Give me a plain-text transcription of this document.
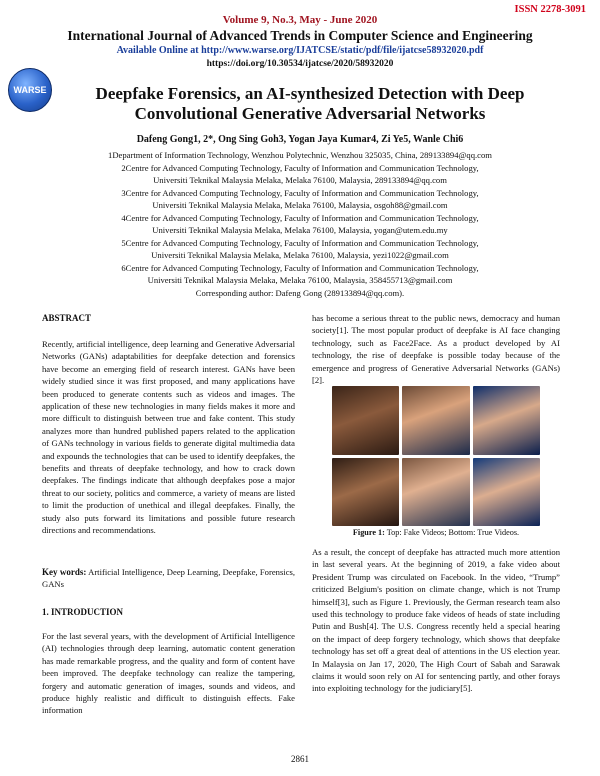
ISSN 2278-3091
Volume 9, No.3, May - June 2020
International Journal of Advanced Trends in Computer Science and Engineering
Available Online at http://www.warse.org/IJATCSE/static/pdf/file/ijatcse58932020.pdf
https://doi.org/10.30534/ijatcse/2020/58932020
WARSE	Deepfake Forensics, an AI-synthesized Detection with Deep
Convolutional Generative Adversarial Networks
Dafeng Gong1, 2*, Ong Sing Goh3, Yogan Jaya Kumar4, Zi Ye5, Wanle Chi6
1Department of Information Technology, Wenzhou Polytechnic, Wenzhou 325035, China, 289133894@qq.com
2Centre for Advanced Computing Technology, Faculty of Information and Communication Technology,
Universiti Teknikal Malaysia Melaka, Melaka 76100, Malaysia, 289133894@qq.com
3Centre for Advanced Computing Technology, Faculty of Information and Communication Technology,
Universiti Teknikal Malaysia Melaka, Melaka 76100, Malaysia, osgoh88@gmail.com
4Centre for Advanced Computing Technology, Faculty of Information and Communication Technology,
Universiti Teknikal Malaysia Melaka, Melaka 76100, Malaysia, yogan@utem.edu.my
5Centre for Advanced Computing Technology, Faculty of Information and Communication Technology,
Universiti Teknikal Malaysia Melaka, Melaka 76100, Malaysia, yezi1022@gmail.com
6Centre for Advanced Computing Technology, Faculty of Information and Communication Technology,
Universiti Teknikal Malaysia Melaka, Melaka 76100, Malaysia, 358455713@gmail.com
Corresponding author: Dafeng Gong (289133894@qq.com).
ABSTRACT

Recently, artificial intelligence, deep learning and Generative Adversarial Networks (GANs) adaptabilities for deepfake detection and forensics have become an emerging field of research interest. GANs have been widely studied since it was first proposed, and many applications have been produced to generate contents such as videos and images. The application of these new technologies in many fields makes it more and more difficult to distinguish between true and fake content. This study analyzes more than hundred published papers related to the application of GANs technology in various fields to generate digital multimedia data and expounds the technologies that can be used to identify deepfakes, the benefits and threats of deepfake technology, and how to crack down deepfakes. The findings indicate that although deepfakes pose a major threat to our society, politics and commerce, a variety of means are listed to limit the production of unethical and illegal deepfakes. Finally, the study also puts forward its limitations and possible future research directions and recommendations.

Key words: Artificial Intelligence, Deep Learning, Deepfake, Forensics, GANs
1. INTRODUCTION

For the last several years, with the development of Artificial Intelligence (AI) technologies through deep learning, automatic content generation has made remarkable progress, and the quality and form of content have been improved. The deepfake technology can realize the tampering, forgery and automatic generation of images, sounds and videos, and produce highly realistic and difficult to distinguish effects. Fake information

has become a serious threat to the public news, democracy and human society[1]. The most popular product of deepfake is AI face changing technology, such as Face2Face. As a product developed by AI technology, the rise of deepfake is possible today because of the emergence and progress of Generative Adversarial Networks (GANs)[2].

Figure 1: Top: Fake Videos; Bottom: True Videos.

As a result, the concept of deepfake has attracted much more attention in last several years. At the beginning of 2019, a fake video about President Trump was circulated on Facebook. In the video, “Trump” criticized Belgium's position on climate change, which is not Trump himself[3], such as Figure 1. Previously, the German research team also used this technology to produce fake videos of heads of state including Putin and Bush[4]. The U.S. Congress recently held a special hearing on the impact of deep forgery technology, which shows that deepfake technology has set off a great deal of attentions in the US election year. In Malaysia on Jan 17, 2020, The High Court of Sabah and Sarawak claims it would soon rely on AI for sentencing partly, and other forays into exploiting technology for the judiciary[5].

2861
